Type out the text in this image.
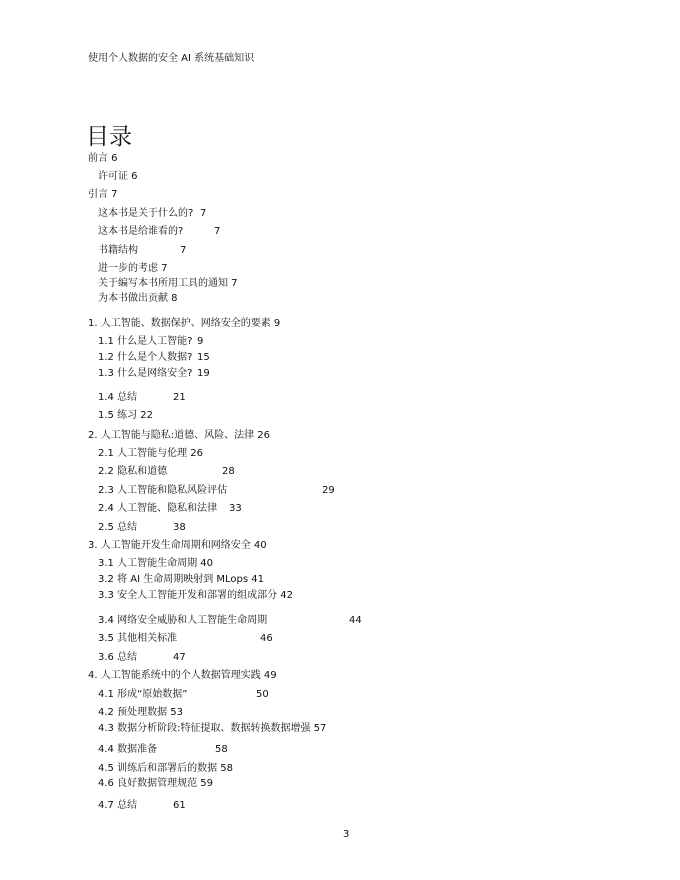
使用个人数据的安全 AI 系统基础知识
目录
前言 6
许可证 6
引言 7
这本书是关于什么的? 7
这本书是给谁看的?	7
书籍结构	7
进一步的考虑 7
关于编写本书所用工具的通知 7
为本书做出贡献 8
1. 人工智能、数据保护、网络安全的要素 9
1.1 什么是人工智能? 9
1.2 什么是个人数据? 15
1.3 什么是网络安全? 19
1.4 总结	21
1.5 练习 22
2. 人工智能与隐私:道德、风险、法律 26
2.1 人工智能与伦理 26
2.2 隐私和道德	28
2.3 人工智能和隐私风险评估	29
2.4 人工智能、隐私和法律 33
2.5 总结	38
3. 人工智能开发生命周期和网络安全 40
3.1 人工智能生命周期 40
3.2 将 AI 生命周期映射到 MLops 41
3.3 安全人工智能开发和部署的组成部分 42
3.4 网络安全威胁和人工智能生命周期	44
3.5 其他相关标准	46
3.6 总结	47
4. 人工智能系统中的个人数据管理实践 49
4.1 形成“原始数据”	50
4.2 预处理数据 53
4.3 数据分析阶段:特征提取、数据转换数据增强 57
4.4 数据准备	58
4.5 训练后和部署后的数据 58
4.6 良好数据管理规范 59
4.7 总结	61
3
